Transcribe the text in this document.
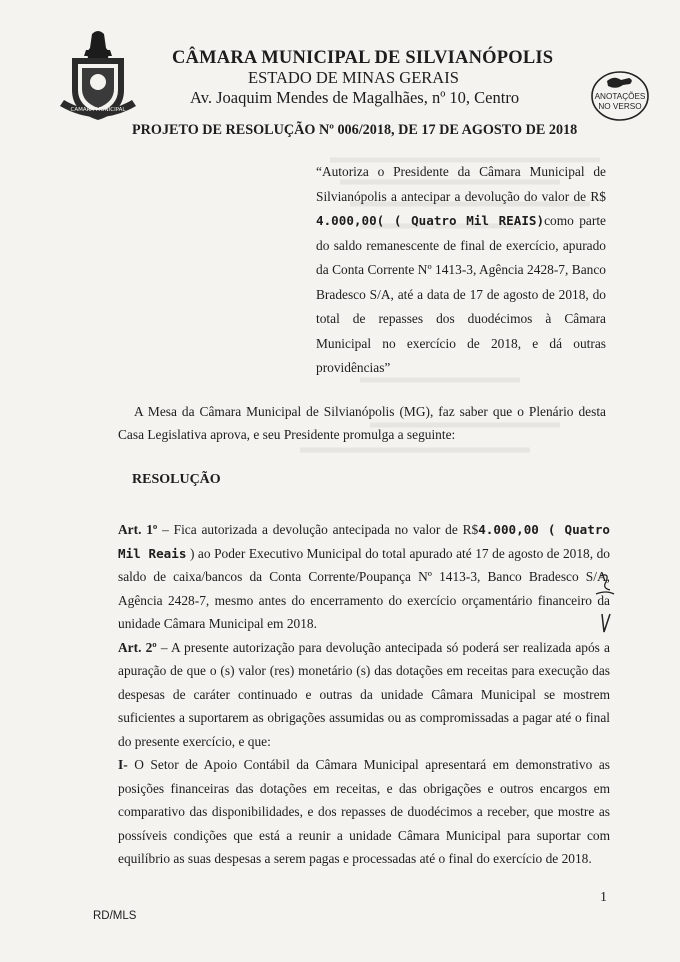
CAMARA MUNICIPAL
CÂMARA MUNICIPAL DE SILVIANÓPOLIS
ESTADO DE MINAS GERAIS
Av. Joaquim Mendes de Magalhães, nº 10, Centro	ANOTAÇÕES
NO VERSO
PROJETO DE RESOLUÇÃO Nº 006/2018, DE 17 DE AGOSTO DE 2018
“Autoriza o Presidente da Câmara Municipal de Silvianópolis a antecipar a devolução do valor de R$ 4.000,00( ( Quatro Mil REAIS)como parte do saldo remanescente de final de exercício, apurado da Conta Corrente Nº 1413-3, Agência 2428-7, Banco Bradesco S/A, até a data de 17 de agosto de 2018, do total de repasses dos duodécimos à Câmara Municipal no exercício de 2018, e dá outras providências”
A Mesa da Câmara Municipal de Silvianópolis (MG), faz saber que o Plenário desta Casa Legislativa aprova, e seu Presidente promulga a seguinte:
RESOLUÇÃO

Art. 1º – Fica autorizada a devolução antecipada no valor de R$4.000,00 ( Quatro Mil Reais ) ao Poder Executivo Municipal do total apurado até 17 de agosto de 2018, do saldo de caixa/bancos da Conta Corrente/Poupança Nº 1413-3, Banco Bradesco S/A, Agência 2428-7, mesmo antes do encerramento do exercício orçamentário financeiro da unidade Câmara Municipal em 2018.

Art. 2º – A presente autorização para devolução antecipada só poderá ser realizada após a apuração de que o (s) valor (res) monetário (s) das dotações em receitas para execução das despesas de caráter continuado e outras da unidade Câmara Municipal se mostrem suficientes a suportarem as obrigações assumidas ou as compromissadas a pagar até o final do presente exercício, e que:

I- O Setor de Apoio Contábil da Câmara Municipal apresentará em demonstrativo as posições financeiras das dotações em receitas, e das obrigações e outros encargos em comparativo das disponibilidades, e dos repasses de duodécimos a receber, que mostre as possíveis condições que está a reunir a unidade Câmara Municipal para suportar com equilíbrio as suas despesas a serem pagas e processadas até o final do exercício de 2018.

1
RD/MLS
